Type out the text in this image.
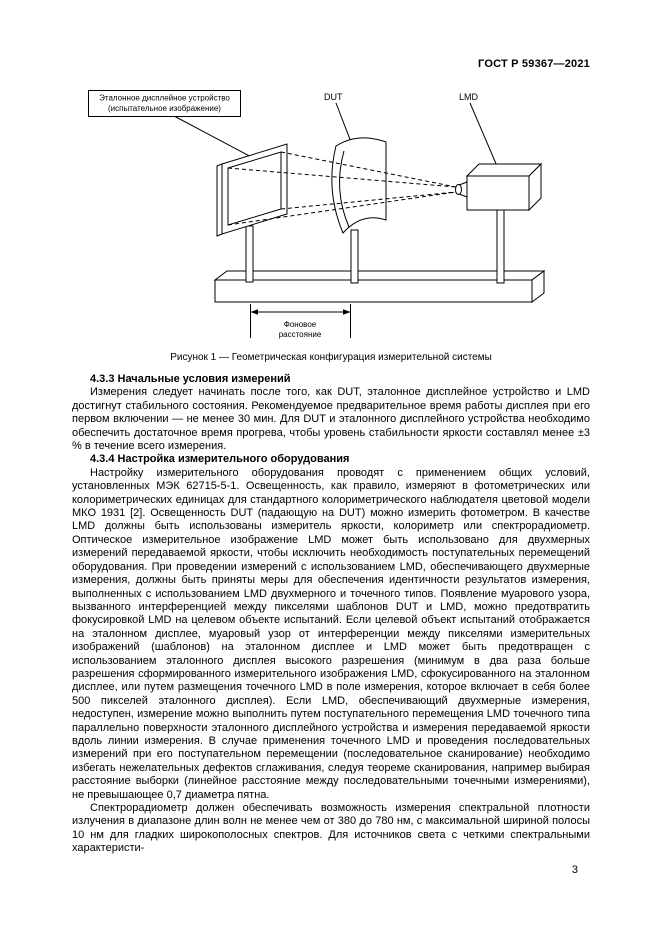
ГОСТ Р 59367—2021
Эталонное дисплейное устройство
(испытательное изображение)
DUT	LMD
Фоновое
расстояние
Рисунок 1 — Геометрическая конфигурация измерительной системы
4.3.3 Начальные условия измерений

Измерения следует начинать после того, как DUT, эталонное дисплейное устройство и LMD достигнут стабильного состояния. Рекомендуемое предварительное время работы дисплея при его первом включении — не менее 30 мин. Для DUT и эталонного дисплейного устройства необходимо обеспечить достаточное время прогрева, чтобы уровень стабильности яркости составлял менее ±3 % в течение всего измерения.

4.3.4 Настройка измерительного оборудования

Настройку измерительного оборудования проводят с применением общих условий, установленных МЭК 62715-5-1. Освещенность, как правило, измеряют в фотометрических или колориметрических единицах для стандартного колориметрического наблюдателя цветовой модели МКО 1931 [2]. Освещенность DUT (падающую на DUT) можно измерить фотометром. В качестве LMD должны быть использованы измеритель яркости, колориметр или спектрорадиометр. Оптическое измерительное изображение LMD может быть использовано для двухмерных измерений передаваемой яркости, чтобы исключить необходимость поступательных перемещений оборудования. При проведении измерений с использованием LMD, обеспечивающего двухмерные измерения, должны быть приняты меры для обеспечения идентичности результатов измерения, выполненных с использованием LMD двухмерного и точечного типов. Появление муарового узора, вызванного интерференцией между пикселями шаблонов DUT и LMD, можно предотвратить фокусировкой LMD на целевом объекте испытаний. Если целевой объект испытаний отображается на эталонном дисплее, муаровый узор от интерференции между пикселями измерительных изображений (шаблонов) на эталонном дисплее и LMD может быть предотвращен с использованием эталонного дисплея высокого разрешения (минимум в два раза больше разрешения сформированного измерительного изображения LMD, сфокусированного на эталонном дисплее, или путем размещения точечного LMD в поле измерения, которое включает в себя более 500 пикселей эталонного дисплея). Если LMD, обеспечивающий двухмерные измерения, недоступен, измерение можно выполнить путем поступательного перемещения LMD точечного типа параллельно поверхности эталонного дисплейного устройства и измерения передаваемой яркости вдоль линии измерения. В случае применения точечного LMD и проведения последовательных измерений при его поступательном перемещении (последовательное сканирование) необходимо избегать нежелательных дефектов сглаживания, следуя теореме сканирования, например выбирая расстояние выборки (линейное расстояние между последовательными точечными измерениями), не превышающее 0,7 диаметра пятна.

Спектрорадиометр должен обеспечивать возможность измерения спектральной плотности излучения в диапазоне длин волн не менее чем от 380 до 780 нм, с максимальной шириной полосы 10 нм для гладких широкополосных спектров. Для источников света с четкими спектральными характеристи-

3
